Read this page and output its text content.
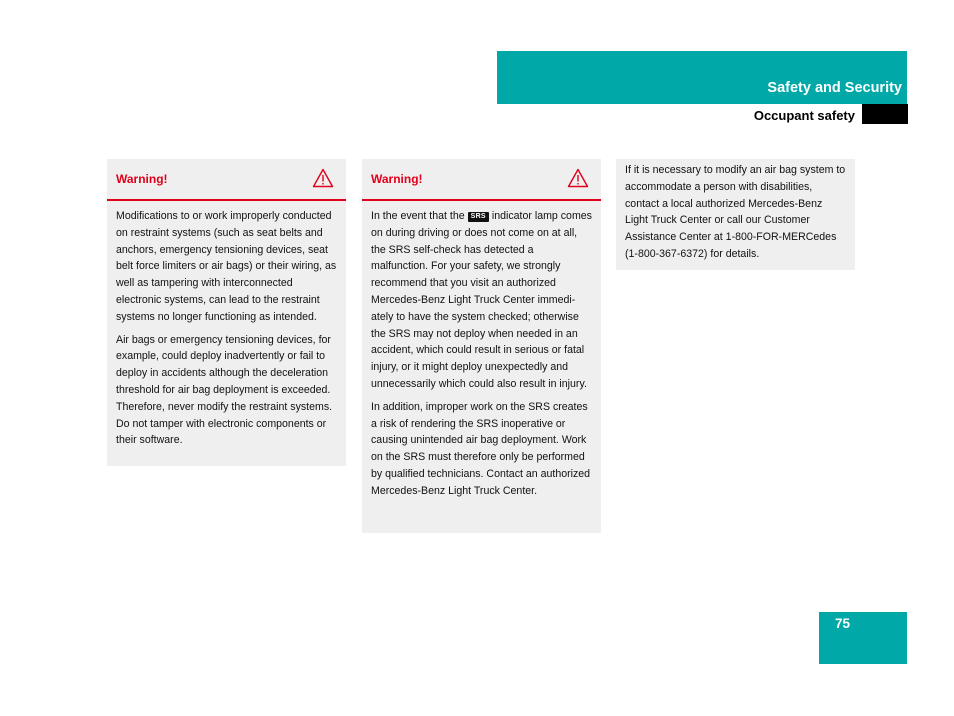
Safety and Security
Occupant safety
Warning!

Modifications to or work improperly conducted on restraint systems (such as seat belts and anchors, emergency tensioning devices, seat belt force limiters or air bags) or their wiring, as well as tampering with interconnected electronic systems, can lead to the restraint systems no longer functioning as intended.

Air bags or emergency tensioning devices, for example, could deploy inadvertently or fail to deploy in accidents although the deceleration threshold for air bag deployment is exceeded. Therefore, never modify the restraint systems. Do not tamper with electronic components or their software.

Warning!

In the event that the SRS indicator lamp comes on during driving or does not come on at all, the SRS self-check has detected a malfunction. For your safety, we strongly recommend that you visit an authorized Mercedes-Benz Light Truck Center immediately to have the system checked; otherwise the SRS may not deploy when needed in an accident, which could result in serious or fatal injury, or it might deploy unexpectedly and unnecessarily which could also result in injury.

In addition, improper work on the SRS creates a risk of rendering the SRS inoperative or causing unintended air bag deployment. Work on the SRS must therefore only be performed by qualified technicians. Contact an authorized Mercedes-Benz Light Truck Center.

If it is necessary to modify an air bag system to accommodate a person with disabilities, contact a local authorized Mercedes-Benz Light Truck Center or call our Customer Assistance Center at 1-800-FOR-MERCedes (1-800-367-6372) for details.

75
